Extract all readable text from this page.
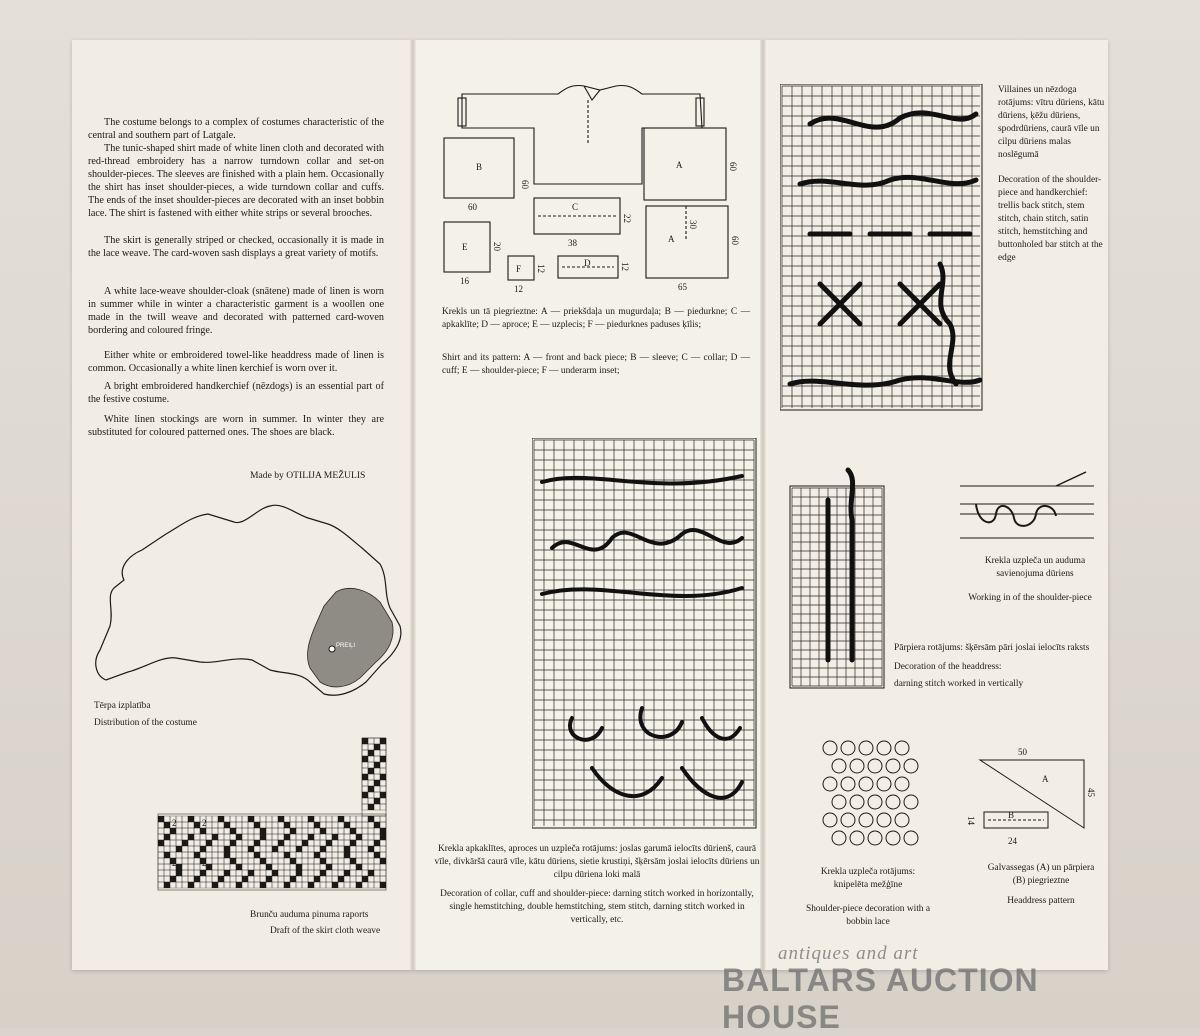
The costume belongs to a complex of costumes characteristic of the central and southern part of Latgale.

The tunic-shaped shirt made of white linen cloth and decorated with red-thread embroidery has a narrow turndown collar and set-on shoulder-pieces. The sleeves are finished with a plain hem. Occasionally the shirt has inset shoulder-pieces, a wide turndown collar and cuffs. The ends of the inset shoulder-pieces are decorated with an inset bobbin lace. The shirt is fastened with either white strips or several brooches.

The skirt is generally striped or checked, occasionally it is made in the lace weave. The card-woven sash displays a great variety of motifs.

A white lace-weave shoulder-cloak (snātene) made of linen is worn in summer while in winter a characteristic garment is a woollen one made in the twill weave and decorated with patterned card-woven bordering and coloured fringe.

Either white or embroidered towel-like headdress made of linen is common. Occasionally a white linen kerchief is worn over it.

A bright embroidered handkerchief (nēzdogs) is an essential part of the festive costume.

White linen stockings are worn in summer. In winter they are substituted for coloured patterned ones. The shoes are black.

Made by OTILIJA MEŽULIS

PREIĻI

Tērpa izplatība

Distribution of the costume

2	2
2	2

Brunču auduma pinuma raports

Draft of the skirt cloth weave

B	A
C
E
A
F
D
60
60
60
22
38
20
16
12
12	12
30
60
65

Krekls un tā piegrieztne: A — priekšdaļa un mugurdaļa; B — piedurkne; C — apkaklīte; D — aproce; E — uzplecis; F — piedurknes paduses ķīlis;

Shirt and its pattern: A — front and back piece; B — sleeve; C — collar; D — cuff; E — shoulder-piece; F — underarm inset;

Krekla apkaklītes, aproces un uzpleča rotājums: joslas garumā ielocīts dūrienš, caurā vīle, divkāršā caurā vīle, kātu dūriens, sietie krustiņi, šķērsām joslai ielocīts dūriens un cilpu dūriena loki malā

Decoration of collar, cuff and shoulder-piece: darning stitch worked in horizontally, single hemstitching, double hemstitching, stem stitch, darning stitch worked in vertically, etc.

Villaines un nēzdoga rotājums: vītru dūriens, kātu dūriens, ķēžu dūriens, spodrdūriens, caurā vīle un cilpu dūriens malas noslēgumā

Decoration of the shoulder-piece and handkerchief: trellis back stitch, stem stitch, chain stitch, satin stitch, hemstitching and buttonholed bar stitch at the edge

Krekla uzpleča un auduma savienojuma dūriens

Working in of the shoulder-piece

Pārpiera rotājums: šķērsām pāri joslai ielocīts raksts

Decoration of the headdress:

darning stitch worked in vertically

Krekla uzpleča rotājums: knipelēta mežģīne

Shoulder-piece decoration with a bobbin lace

50
A
45
14
B
24

Galvassegas (A) un pārpiera (B) piegrieztne

Headdress pattern

antiques and art
BALTARS AUCTION HOUSE
